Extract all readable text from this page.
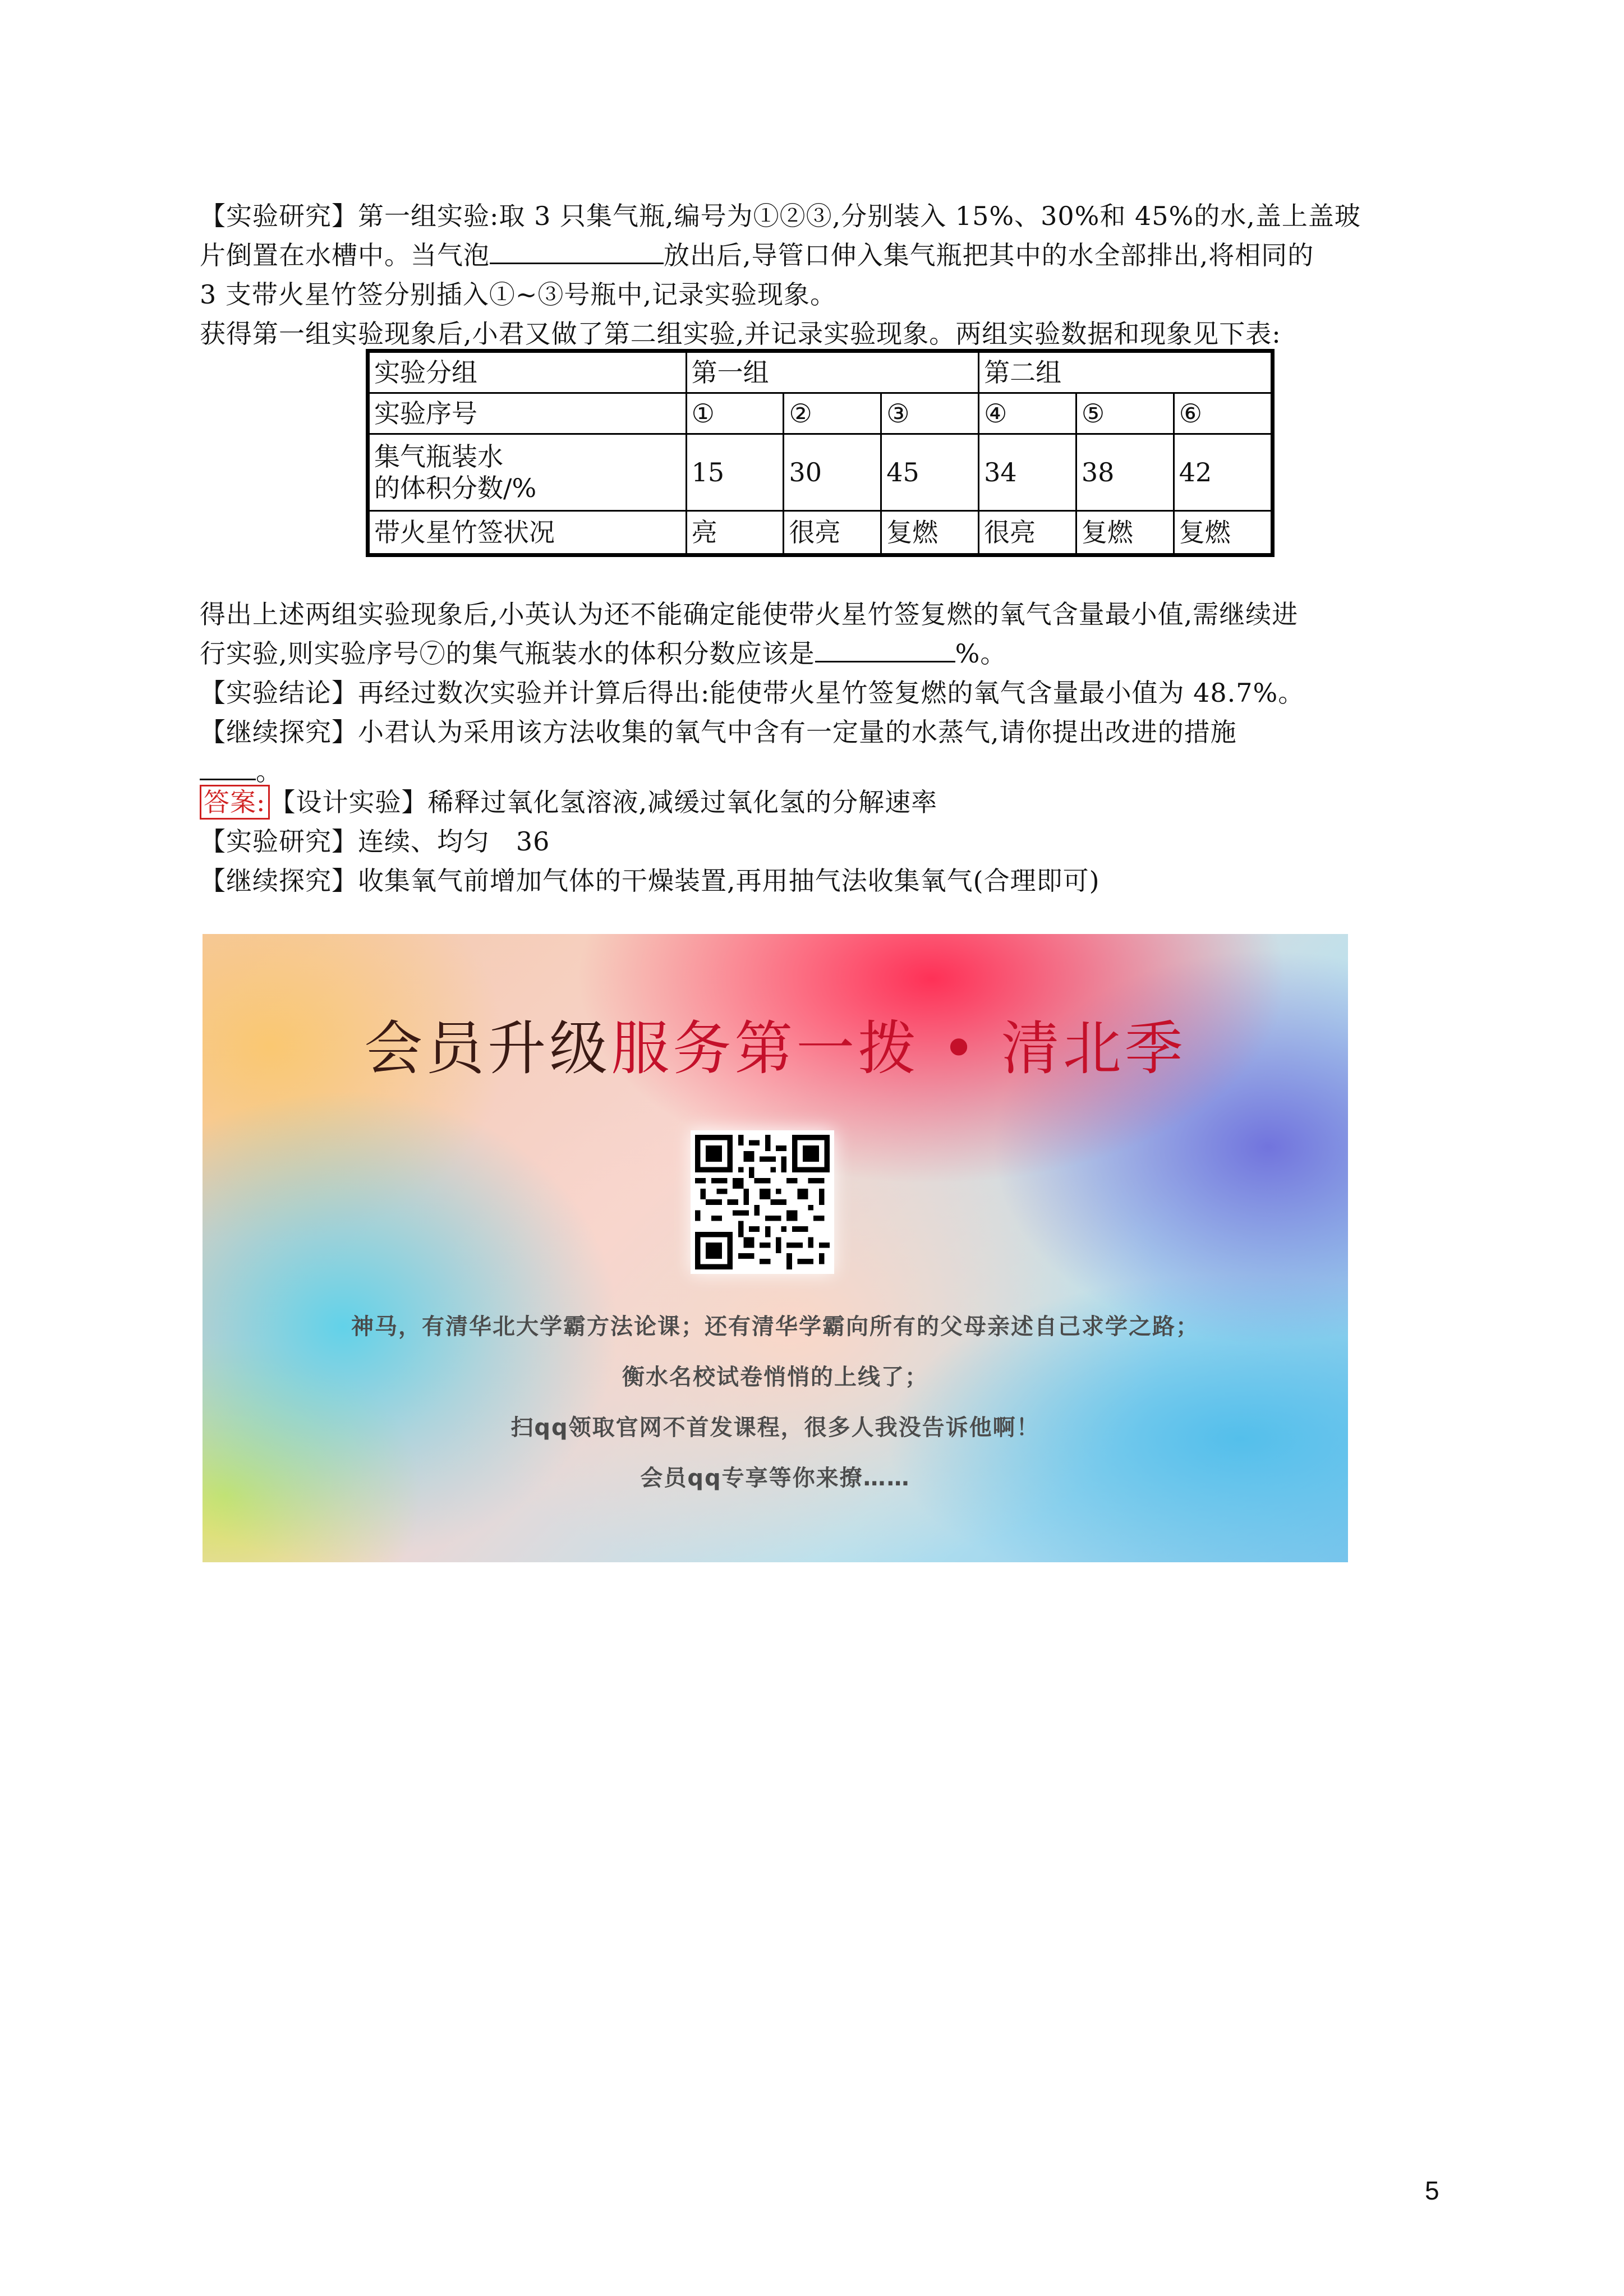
【实验研究】第一组实验:取 3 只集气瓶,编号为①②③,分别装入 15%、30%和 45%的水,盖上盖玻
片倒置在水槽中。当气泡	放出后,导管口伸入集气瓶把其中的水全部排出,将相同的
3 支带火星竹签分别插入①~③号瓶中,记录实验现象。
获得第一组实验现象后,小君又做了第二组实验,并记录实验现象。两组实验数据和现象见下表:
实验分组	第一组			第二组		
实验序号	①	②	③	④	⑤	⑥

集气瓶装水
的体积分数/%	15	30	45	34	38	42
带火星竹签状况	亮	很亮	复燃	很亮	复燃	复燃
得出上述两组实验现象后,小英认为还不能确定能使带火星竹签复燃的氧气含量最小值,需继续进
行实验,则实验序号⑦的集气瓶装水的体积分数应该是	%。
【实验结论】再经过数次实验并计算后得出:能使带火星竹签复燃的氧气含量最小值为 48.7%。
【继续探究】小君认为采用该方法收集的氧气中含有一定量的水蒸气,请你提出改进的措施
。
答案: 【设计实验】稀释过氧化氢溶液,减缓过氧化氢的分解速率
【实验研究】连续、均匀   36
【继续探究】收集氧气前增加气体的干燥装置,再用抽气法收集氧气(合理即可)
会员升级服务第一拨 • 清北季
神马，有清华北大学霸方法论课；还有清华学霸向所有的父母亲述自己求学之路；
衡水名校试卷悄悄的上线了；
扫qq领取官网不首发课程，很多人我没告诉他啊！
会员qq专享等你来撩……
5
